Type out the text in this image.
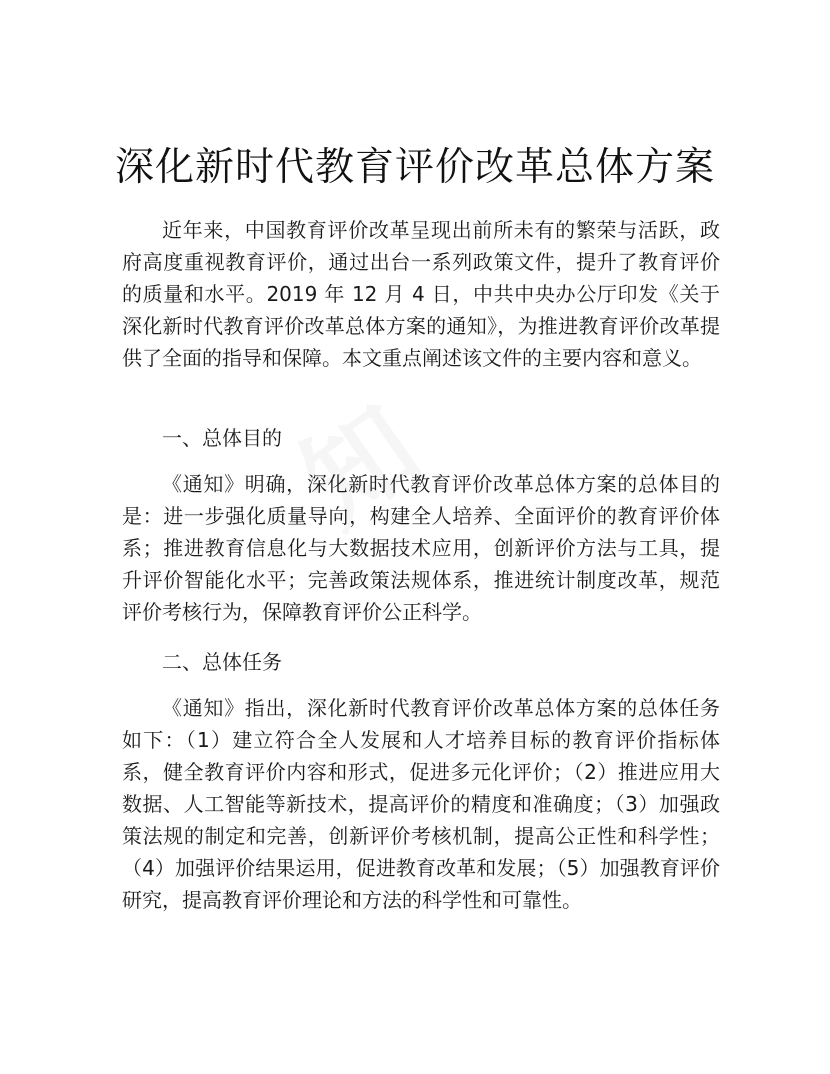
深化新时代教育评价改革总体方案

近年来，中国教育评价改革呈现出前所未有的繁荣与活跃，政府高度重视教育评价，通过出台一系列政策文件，提升了教育评价的质量和水平。2019 年 12 月 4 日，中共中央办公厅印发《关于深化新时代教育评价改革总体方案的通知》，为推进教育评价改革提供了全面的指导和保障。本文重点阐述该文件的主要内容和意义。

一、总体目的

《通知》明确，深化新时代教育评价改革总体方案的总体目的是：进一步强化质量导向，构建全人培养、全面评价的教育评价体系；推进教育信息化与大数据技术应用，创新评价方法与工具，提升评价智能化水平；完善政策法规体系，推进统计制度改革，规范评价考核行为，保障教育评价公正科学。

二、总体任务

《通知》指出，深化新时代教育评价改革总体方案的总体任务如下：（1）建立符合全人发展和人才培养目标的教育评价指标体系，健全教育评价内容和形式，促进多元化评价；（2）推进应用大数据、人工智能等新技术，提高评价的精度和准确度；（3）加强政策法规的制定和完善，创新评价考核机制，提高公正性和科学性；（4）加强评价结果运用，促进教育改革和发展；（5）加强教育评价研究，提高教育评价理论和方法的科学性和可靠性。
